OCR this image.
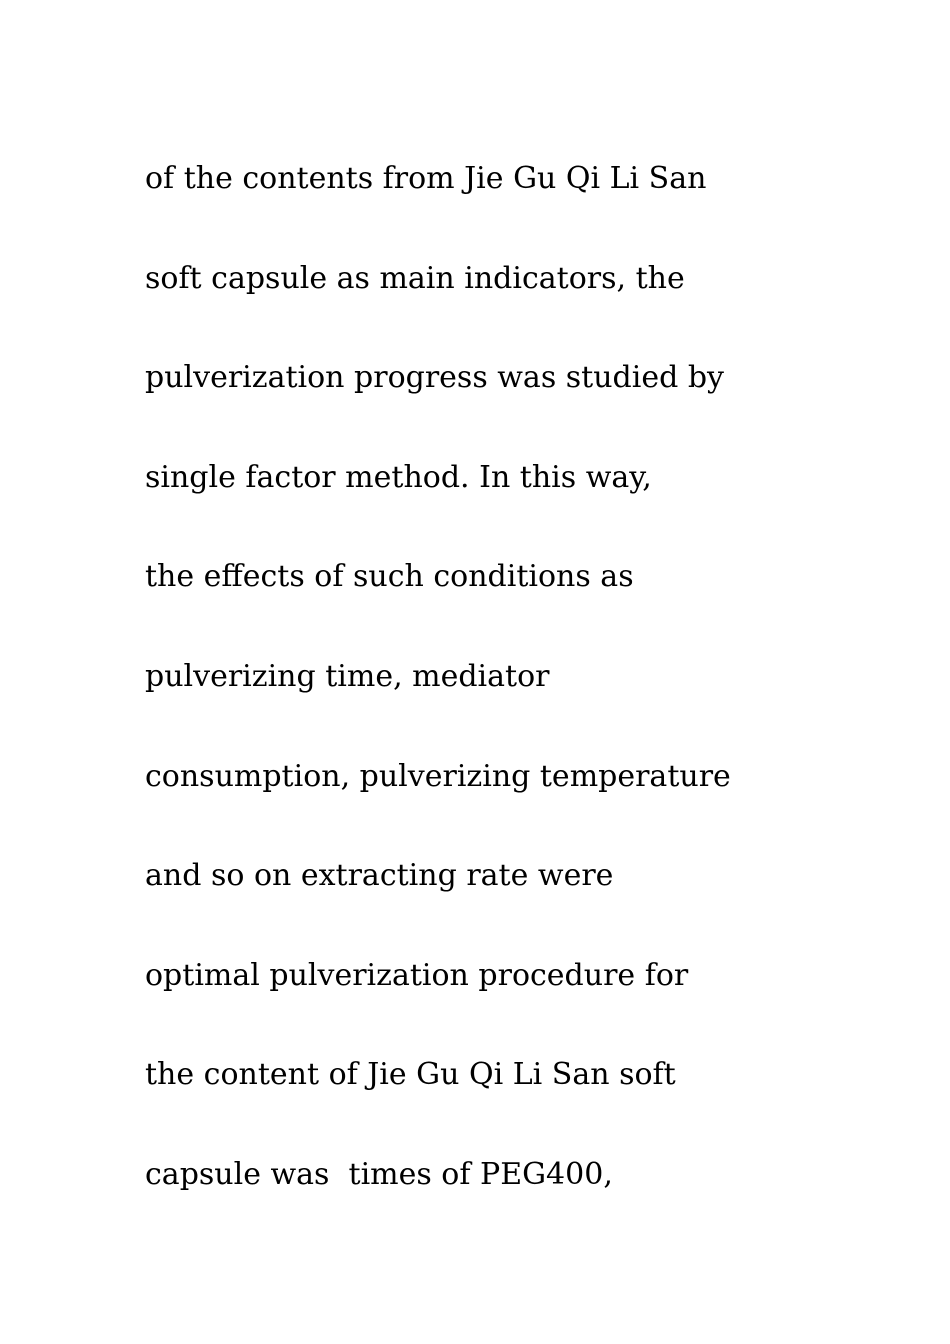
of the contents from Jie Gu Qi Li San
soft capsule as main indicators, the
pulverization progress was studied by
single factor method. In this way,
the effects of such conditions as
pulverizing time, mediator
consumption, pulverizing temperature
and so on extracting rate were
optimal pulverization procedure for
the content of Jie Gu Qi Li San soft
capsule was  times of PEG400,
